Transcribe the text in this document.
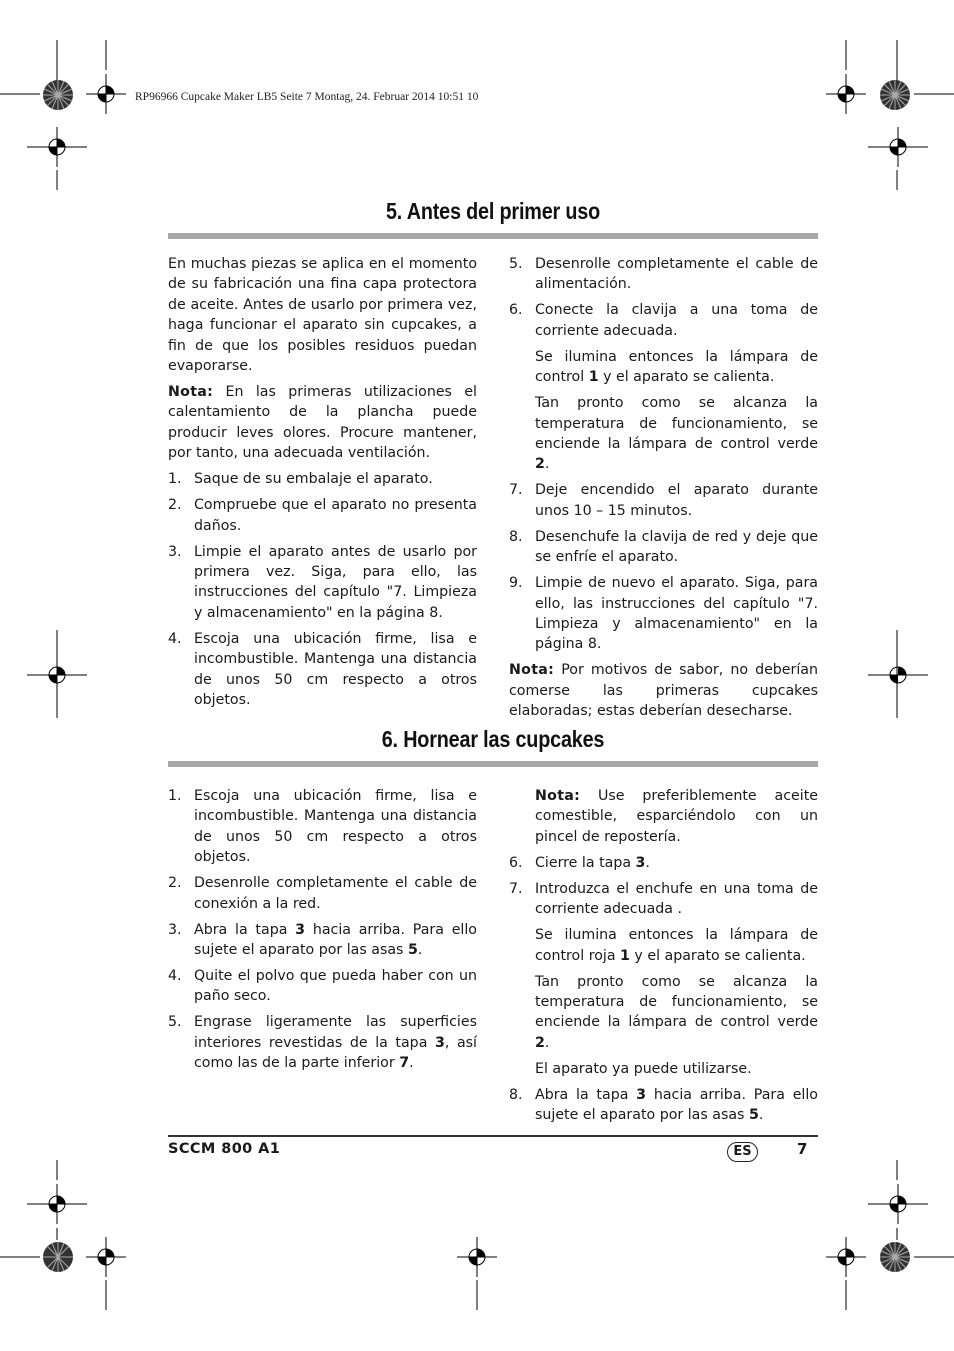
RP96966 Cupcake Maker LB5 Seite 7 Montag, 24. Februar 2014 10:51 10
5. Antes del primer uso

En muchas piezas se aplica en el momento de su fabricación una fina capa protectora de aceite. Antes de usarlo por primera vez, haga funcionar el aparato sin cupcakes, a fin de que los posibles residuos puedan evaporarse.

Nota: En las primeras utilizaciones el calentamiento de la plancha puede producir leves olores. Procure mantener, por tanto, una adecuada ventilación.

1. Saque de su embalaje el aparato.
2. Compruebe que el aparato no presenta daños.
3. Limpie el aparato antes de usarlo por primera vez. Siga, para ello, las instrucciones del capítulo "7. Limpieza y almacenamiento" en la página 8.
4. Escoja una ubicación firme, lisa e incombustible. Mantenga una distancia de unos 50 cm respecto a otros objetos.
5. Desenrolle completamente el cable de alimentación.
6. Conecte la clavija a una toma de corriente adecuada.

Se ilumina entonces la lámpara de control 1 y el aparato se calienta.

Tan pronto como se alcanza la temperatura de funcionamiento, se enciende la lámpara de control verde 2.

7. Deje encendido el aparato durante unos 10 – 15 minutos.
8. Desenchufe la clavija de red y deje que se enfríe el aparato.
9. Limpie de nuevo el aparato. Siga, para ello, las instrucciones del capítulo "7. Limpieza y almacenamiento" en la página 8.

Nota: Por motivos de sabor, no deberían comerse las primeras cupcakes elaboradas; estas deberían desecharse.

6. Hornear las cupcakes
1. Escoja una ubicación firme, lisa e incombustible. Mantenga una distancia de unos 50 cm respecto a otros objetos.
2. Desenrolle completamente el cable de conexión a la red.
3. Abra la tapa 3 hacia arriba. Para ello sujete el aparato por las asas 5.
4. Quite el polvo que pueda haber con un paño seco.
5. Engrase ligeramente las superficies interiores revestidas de la tapa 3, así como las de la parte inferior 7.

Nota: Use preferiblemente aceite comestible, esparciéndolo con un pincel de repostería.

6. Cierre la tapa 3.
7. Introduzca el enchufe en una toma de corriente adecuada .

Se ilumina entonces la lámpara de control roja 1 y el aparato se calienta.

Tan pronto como se alcanza la temperatura de funcionamiento, se enciende la lámpara de control verde 2.

El aparato ya puede utilizarse.

8. Abra la tapa 3 hacia arriba. Para ello sujete el aparato por las asas 5.
SCCM 800 A1	ES	7
